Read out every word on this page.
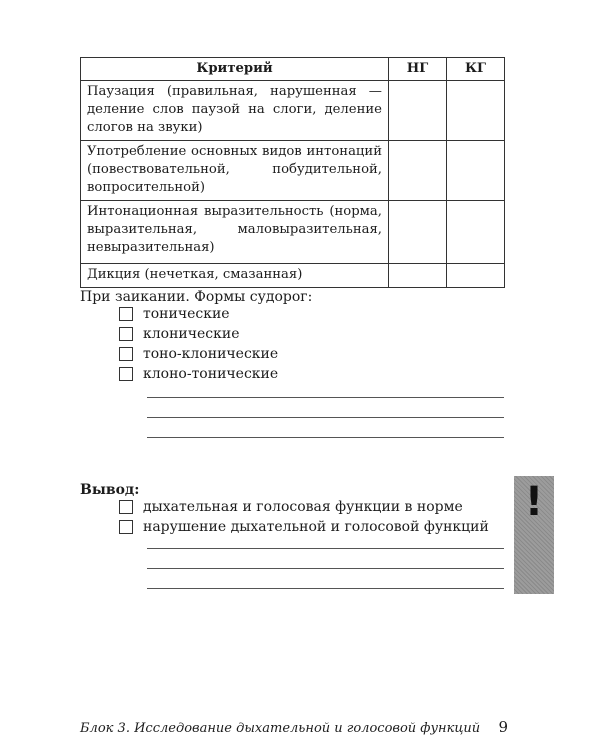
Критерий	НГ	КГ
Паузация (правильная, нарушенная — деление слов паузой на слоги, деление слогов на звуки)		
Употребление основных видов интонаций (повествовательной, побудительной, вопросительной)		
Интонационная выразительность (норма, выразительная, маловыразительная, невыразительная)		
Дикция (нечеткая, смазанная)		

При заикании. Формы судорог:

тонические
клонические
тоно-клонические
клоно-тонические

Вывод:

дыхательная и голосовая функции в норме
нарушение дыхательной и голосовой функций
!
Блок 3. Исследование дыхательной и голосовой функций 9
